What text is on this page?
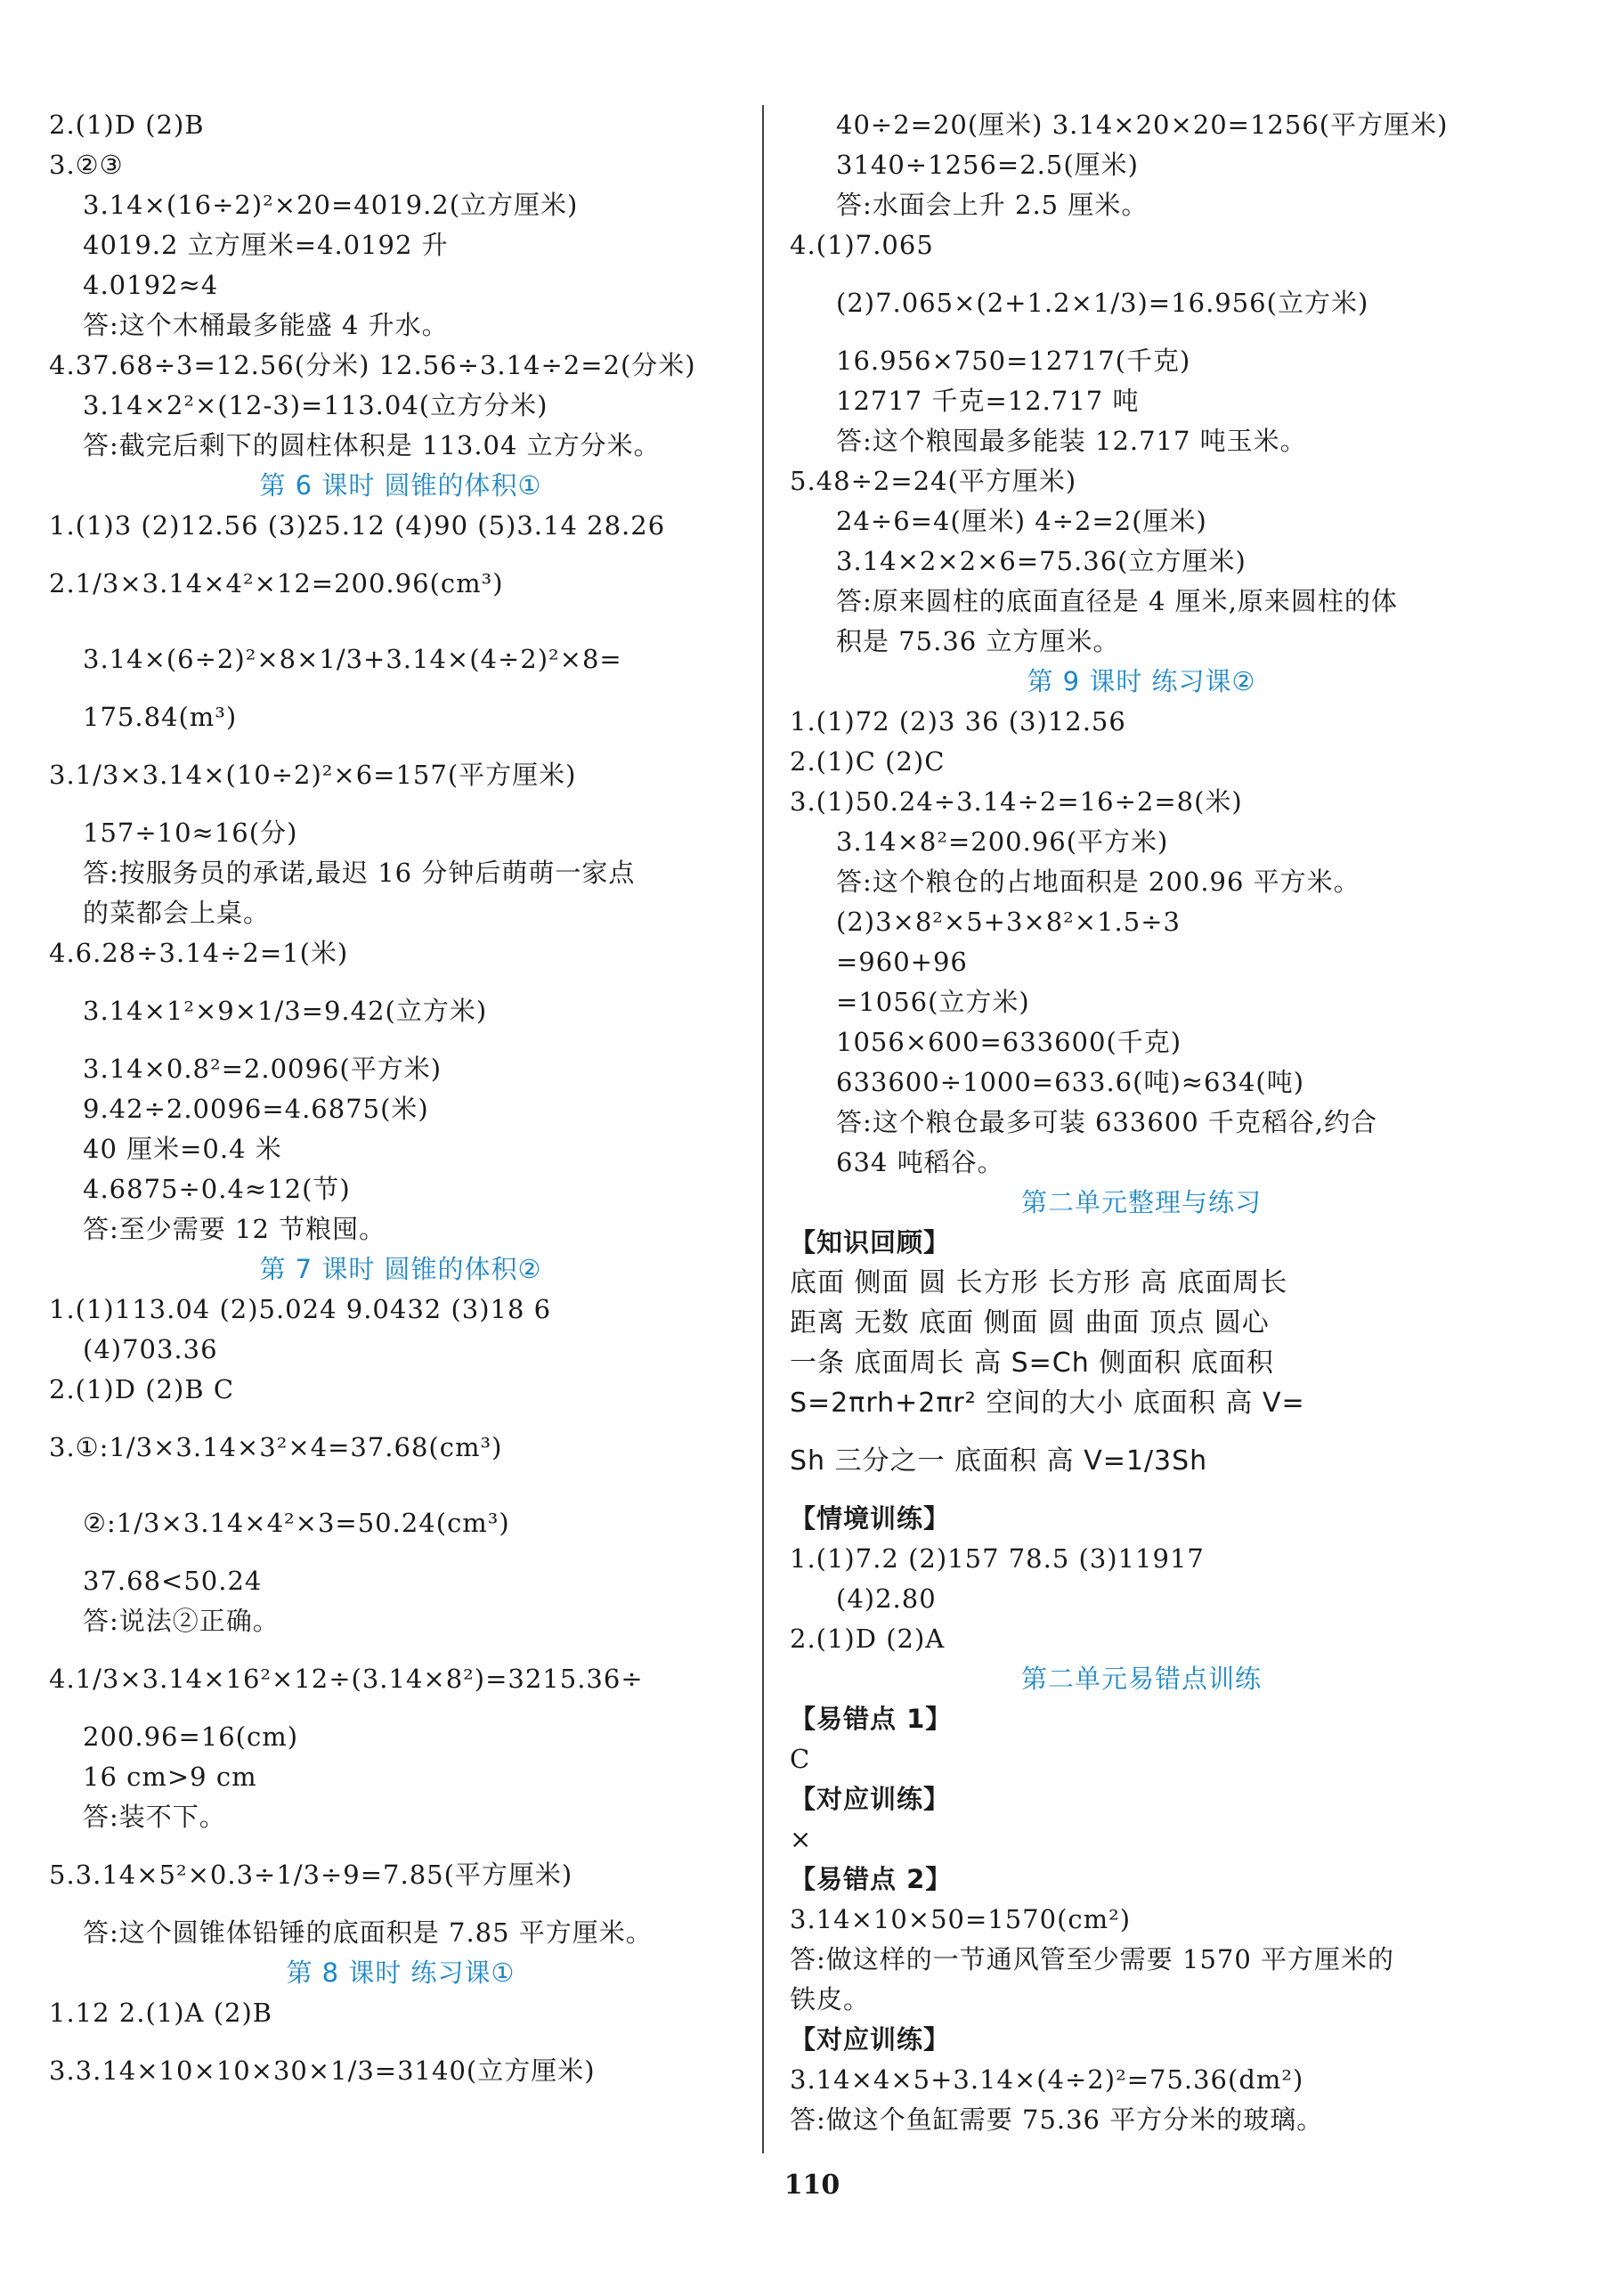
2.(1)D (2)B
3.②③
3.14×(16÷2)²×20=4019.2(立方厘米)
4019.2 立方厘米=4.0192 升
4.0192≈4
答:这个木桶最多能盛 4 升水。
4.37.68÷3=12.56(分米) 12.56÷3.14÷2=2(分米)
3.14×2²×(12-3)=113.04(立方分米)
答:截完后剩下的圆柱体积是 113.04 立方分米。
第 6 课时 圆锥的体积①
1.(1)3 (2)12.56 (3)25.12 (4)90 (5)3.14 28.26
2.1/3×3.14×4²×12=200.96(cm³)
3.14×(6÷2)²×8×1/3+3.14×(4÷2)²×8=
175.84(m³)
3.1/3×3.14×(10÷2)²×6=157(平方厘米)
157÷10≈16(分)
答:按服务员的承诺,最迟 16 分钟后萌萌一家点
的菜都会上桌。
4.6.28÷3.14÷2=1(米)
3.14×1²×9×1/3=9.42(立方米)
3.14×0.8²=2.0096(平方米)
9.42÷2.0096=4.6875(米)
40 厘米=0.4 米
4.6875÷0.4≈12(节)
答:至少需要 12 节粮囤。
第 7 课时 圆锥的体积②
1.(1)113.04 (2)5.024 9.0432 (3)18 6
(4)703.36
2.(1)D (2)B C
3.①:1/3×3.14×3²×4=37.68(cm³)
②:1/3×3.14×4²×3=50.24(cm³)
37.68<50.24
答:说法②正确。
4.1/3×3.14×16²×12÷(3.14×8²)=3215.36÷
200.96=16(cm)
16 cm>9 cm
答:装不下。
5.3.14×5²×0.3÷1/3÷9=7.85(平方厘米)
答:这个圆锥体铅锤的底面积是 7.85 平方厘米。
第 8 课时 练习课①
1.12 2.(1)A (2)B
3.3.14×10×10×30×1/3=3140(立方厘米)
40÷2=20(厘米) 3.14×20×20=1256(平方厘米)
3140÷1256=2.5(厘米)
答:水面会上升 2.5 厘米。
4.(1)7.065
(2)7.065×(2+1.2×1/3)=16.956(立方米)
16.956×750=12717(千克)
12717 千克=12.717 吨
答:这个粮囤最多能装 12.717 吨玉米。
5.48÷2=24(平方厘米)
24÷6=4(厘米) 4÷2=2(厘米)
3.14×2×2×6=75.36(立方厘米)
答:原来圆柱的底面直径是 4 厘米,原来圆柱的体
积是 75.36 立方厘米。
第 9 课时 练习课②
1.(1)72 (2)3 36 (3)12.56
2.(1)C (2)C
3.(1)50.24÷3.14÷2=16÷2=8(米)
3.14×8²=200.96(平方米)
答:这个粮仓的占地面积是 200.96 平方米。
(2)3×8²×5+3×8²×1.5÷3
=960+96
=1056(立方米)
1056×600=633600(千克)
633600÷1000=633.6(吨)≈634(吨)
答:这个粮仓最多可装 633600 千克稻谷,约合
634 吨稻谷。
第二单元整理与练习
【知识回顾】
底面 侧面 圆 长方形 长方形 高 底面周长
距离 无数 底面 侧面 圆 曲面 顶点 圆心
一条 底面周长 高 S=Ch 侧面积 底面积
S=2πrh+2πr² 空间的大小 底面积 高 V=
Sh 三分之一 底面积 高 V=1/3Sh
【情境训练】
1.(1)7.2 (2)157 78.5 (3)11917
(4)2.80
2.(1)D (2)A
第二单元易错点训练
【易错点 1】
C
【对应训练】
×
【易错点 2】
3.14×10×50=1570(cm²)
答:做这样的一节通风管至少需要 1570 平方厘米的
铁皮。
【对应训练】
3.14×4×5+3.14×(4÷2)²=75.36(dm²)
答:做这个鱼缸需要 75.36 平方分米的玻璃。
110
